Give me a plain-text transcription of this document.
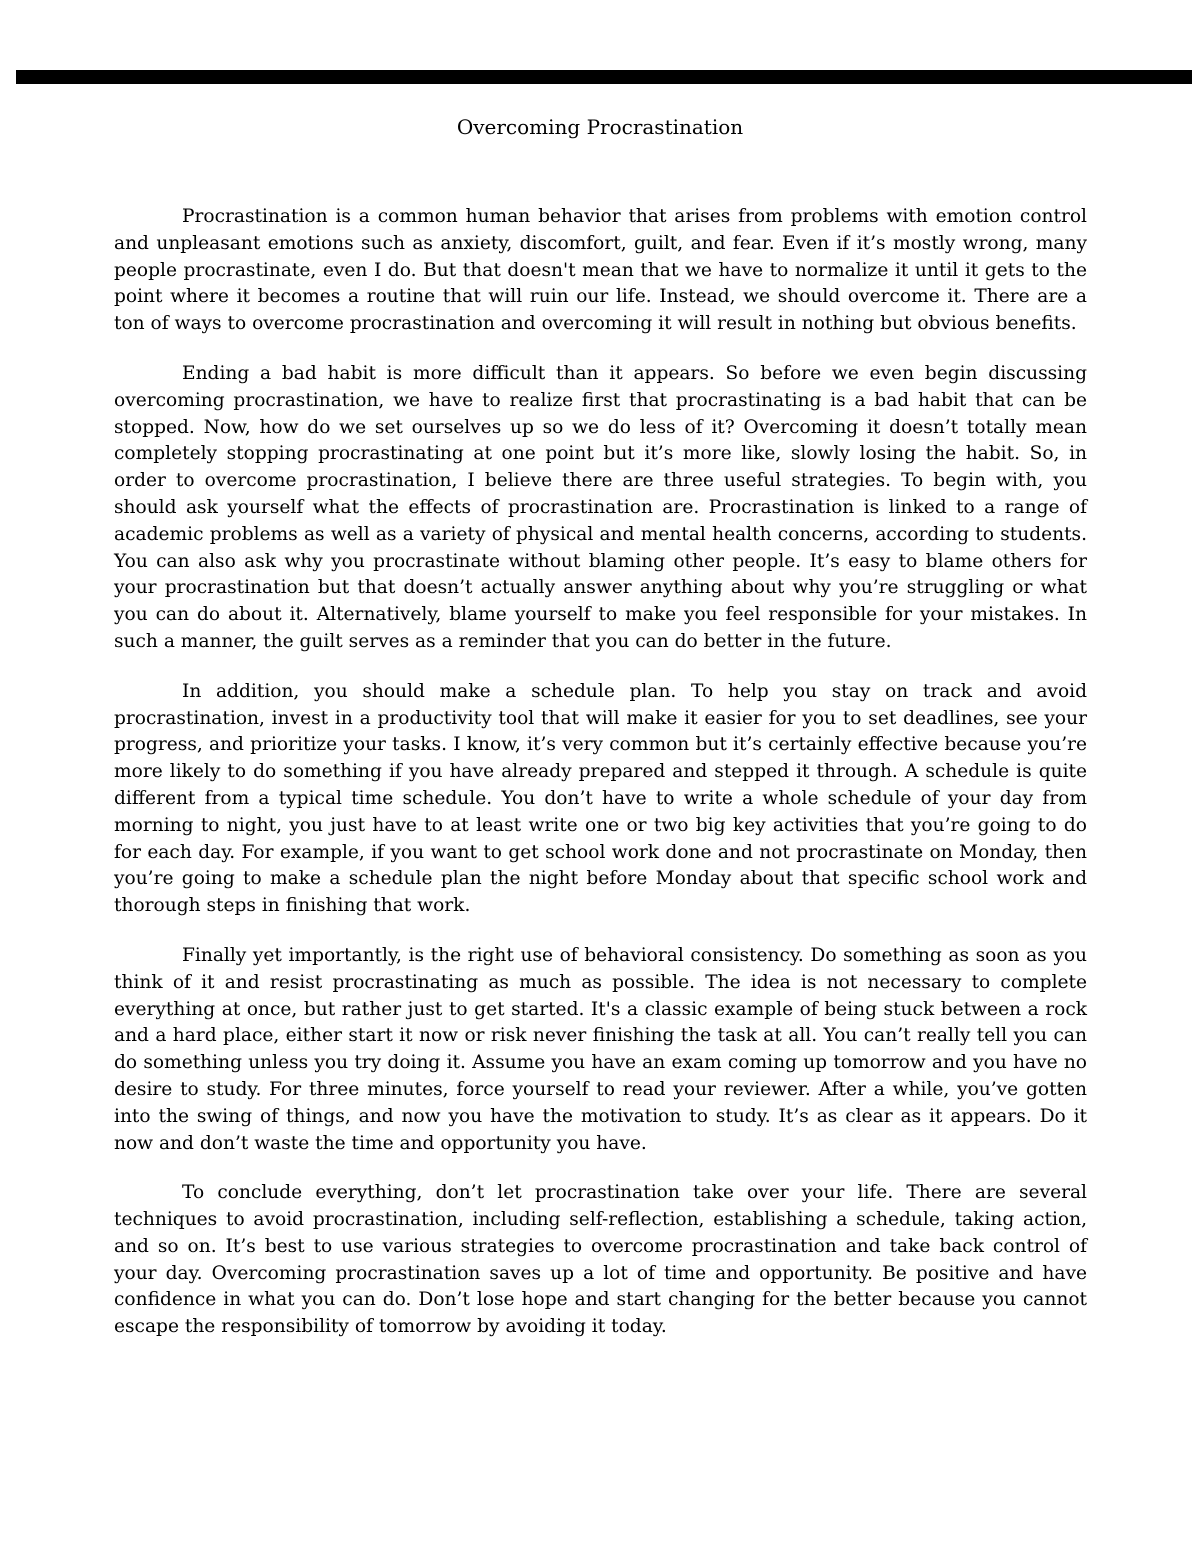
Overcoming Procrastination

Procrastination is a common human behavior that arises from problems with emotion control and unpleasant emotions such as anxiety, discomfort, guilt, and fear. Even if it’s mostly wrong, many people procrastinate, even I do. But that doesn't mean that we have to normalize it until it gets to the point where it becomes a routine that will ruin our life. Instead, we should overcome it. There are a ton of ways to overcome procrastination and overcoming it will result in nothing but obvious benefits.

Ending a bad habit is more difficult than it appears. So before we even begin discussing overcoming procrastination, we have to realize first that procrastinating is a bad habit that can be stopped. Now, how do we set ourselves up so we do less of it? Overcoming it doesn’t totally mean completely stopping procrastinating at one point but it’s more like, slowly losing the habit. So, in order to overcome procrastination, I believe there are three useful strategies. To begin with, you should ask yourself what the effects of procrastination are. Procrastination is linked to a range of academic problems as well as a variety of physical and mental health concerns, according to students. You can also ask why you procrastinate without blaming other people. It’s easy to blame others for your procrastination but that doesn’t actually answer anything about why you’re struggling or what you can do about it. Alternatively, blame yourself to make you feel responsible for your mistakes. In such a manner, the guilt serves as a reminder that you can do better in the future.

In addition, you should make a schedule plan. To help you stay on track and avoid procrastination, invest in a productivity tool that will make it easier for you to set deadlines, see your progress, and prioritize your tasks. I know, it’s very common but it’s certainly effective because you’re more likely to do something if you have already prepared and stepped it through. A schedule is quite different from a typical time schedule. You don’t have to write a whole schedule of your day from morning to night, you just have to at least write one or two big key activities that you’re going to do for each day. For example, if you want to get school work done and not procrastinate on Monday, then you’re going to make a schedule plan the night before Monday about that specific school work and thorough steps in finishing that work.

Finally yet importantly, is the right use of behavioral consistency. Do something as soon as you think of it and resist procrastinating as much as possible. The idea is not necessary to complete everything at once, but rather just to get started. It's a classic example of being stuck between a rock and a hard place, either start it now or risk never finishing the task at all. You can’t really tell you can do something unless you try doing it. Assume you have an exam coming up tomorrow and you have no desire to study. For three minutes, force yourself to read your reviewer. After a while, you’ve gotten into the swing of things, and now you have the motivation to study. It’s as clear as it appears. Do it now and don’t waste the time and opportunity you have.

To conclude everything, don’t let procrastination take over your life. There are several techniques to avoid procrastination, including self-reflection, establishing a schedule, taking action, and so on. It’s best to use various strategies to overcome procrastination and take back control of your day. Overcoming procrastination saves up a lot of time and opportunity. Be positive and have confidence in what you can do. Don’t lose hope and start changing for the better because you cannot escape the responsibility of tomorrow by avoiding it today.
